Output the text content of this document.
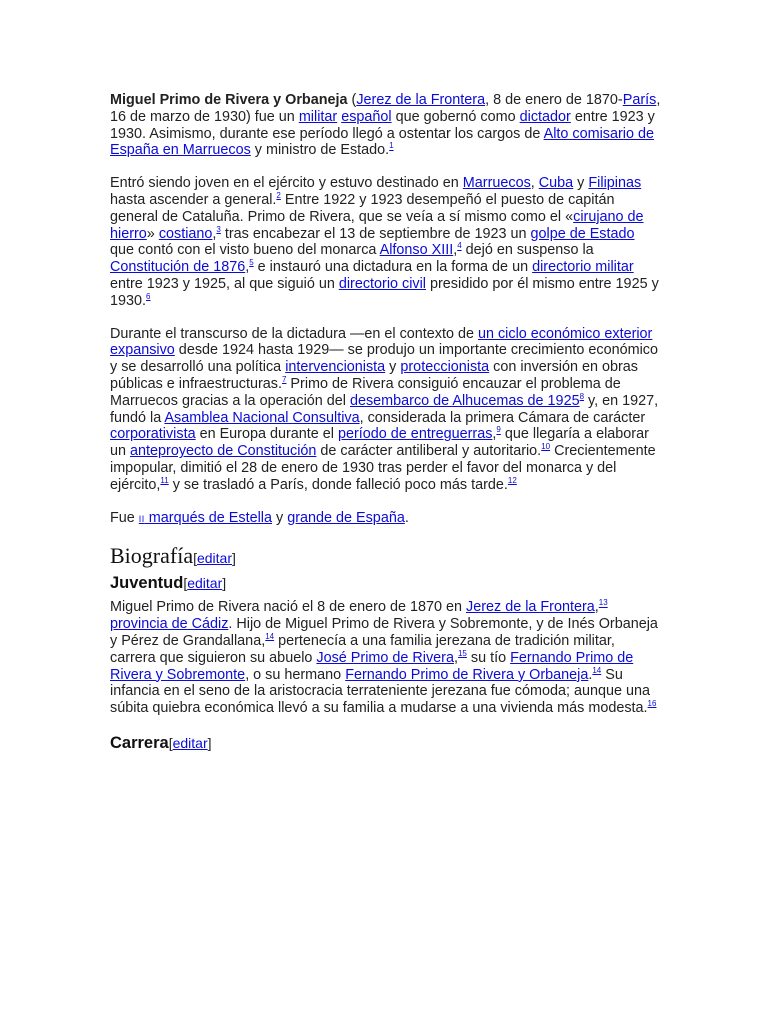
Miguel Primo de Rivera y Orbaneja (Jerez de la Frontera, 8 de enero de 1870-París, 16 de marzo de 1930) fue un militar español que gobernó como dictador entre 1923 y 1930. Asimismo, durante ese período llegó a ostentar los cargos de Alto comisario de España en Marruecos y ministro de Estado.$^1$

Entró siendo joven en el ejército y estuvo destinado en Marruecos, Cuba y Filipinas hasta ascender a general.$^2$ Entre 1922 y 1923 desempeñó el puesto de capitán general de Cataluña. Primo de Rivera, que se veía a sí mismo como el «cirujano de hierro» costiano,$^3$ tras encabezar el 13 de septiembre de 1923 un golpe de Estado que contó con el visto bueno del monarca Alfonso XIII,$^4$ dejó en suspenso la Constitución de 1876,$^5$ e instauró una dictadura en la forma de un directorio militar entre 1923 y 1925, al que siguió un directorio civil presidido por él mismo entre 1925 y 1930.$^6$

Durante el transcurso de la dictadura —en el contexto de un ciclo económico exterior expansivo desde 1924 hasta 1929— se produjo un importante crecimiento económico y se desarrolló una política intervencionista y proteccionista con inversión en obras públicas e infraestructuras.$^7$ Primo de Rivera consiguió encauzar el problema de Marruecos gracias a la operación del desembarco de Alhucemas de 1925$^8$ y, en 1927, fundó la Asamblea Nacional Consultiva, considerada la primera Cámara de carácter corporativista en Europa durante el período de entreguerras,$^9$ que llegaría a elaborar un anteproyecto de Constitución de carácter antiliberal y autoritario.$^{10}$ Crecientemente impopular, dimitió el 28 de enero de 1930 tras perder el favor del monarca y del ejército,$^{11}$ y se trasladó a París, donde falleció poco más tarde.$^{12}$

Fue II marqués de Estella y grande de España.

Biografía[editar]
Juventud[editar]

Miguel Primo de Rivera nació el 8 de enero de 1870 en Jerez de la Frontera,$^{13}$ provincia de Cádiz. Hijo de Miguel Primo de Rivera y Sobremonte, y de Inés Orbaneja y Pérez de Grandallana,$^{14}$ pertenecía a una familia jerezana de tradición militar, carrera que siguieron su abuelo José Primo de Rivera,$^{15}$ su tío Fernando Primo de Rivera y Sobremonte, o su hermano Fernando Primo de Rivera y Orbaneja.$^{14}$ Su infancia en el seno de la aristocracia terrateniente jerezana fue cómoda; aunque una súbita quiebra económica llevó a su familia a mudarse a una vivienda más modesta.$^{16}$

Carrera[editar]
